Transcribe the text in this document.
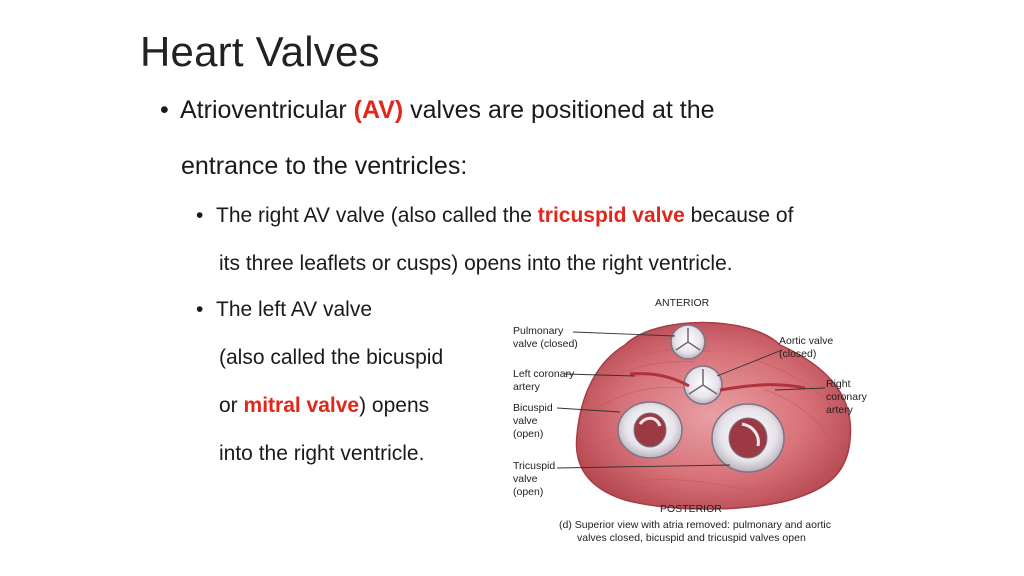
Heart Valves
• Atrioventricular (AV) valves are positioned at the
entrance to the ventricles:
• The right AV valve (also called the tricuspid valve because of
its three leaflets or cusps) opens into the right ventricle.
• The left AV valve
(also called the bicuspid
or mitral valve) opens
into the right ventricle.
ANTERIOR
POSTERIOR
Pulmonary
valve (closed)
Left coronary
artery
Bicuspid
valve
(open)
Tricuspid
valve
(open)
Aortic valve
(closed)
Right
coronary
artery
(d) Superior view with atria removed: pulmonary and aortic
valves closed, bicuspid and tricuspid valves open
